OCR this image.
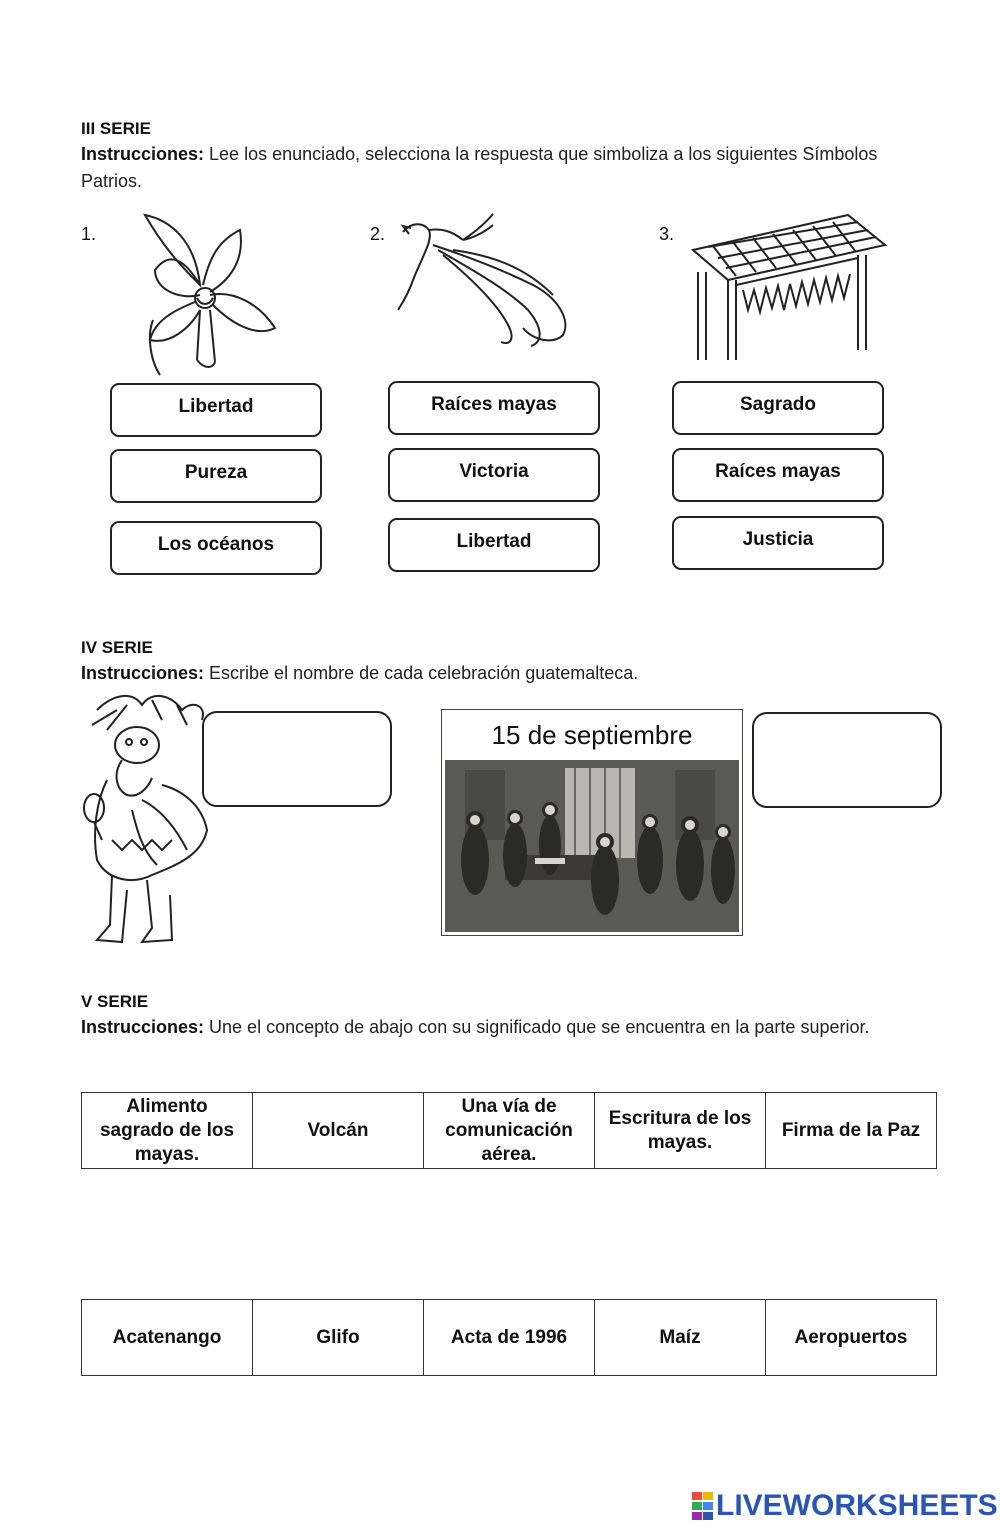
III SERIE
Instrucciones: Lee los enunciado, selecciona la respuesta que simboliza a los siguientes Símbolos Patrios.
1.
Libertad
Pureza
Los océanos
2.
Raíces mayas
Victoria
Libertad
3.
Sagrado
Raíces mayas
Justicia
IV SERIE
Instrucciones: Escribe el nombre de cada celebración guatemalteca.
15 de septiembre
V SERIE
Instrucciones: Une el concepto de abajo con su significado que se encuentra en la parte superior.
Alimento sagrado de los mayas.	Volcán	Una vía de comunicación aérea.	Escritura de los mayas.	Firma de la Paz
Acatenango	Glifo	Acta de 1996	Maíz	Aeropuertos
LIVEWORKSHEETS
